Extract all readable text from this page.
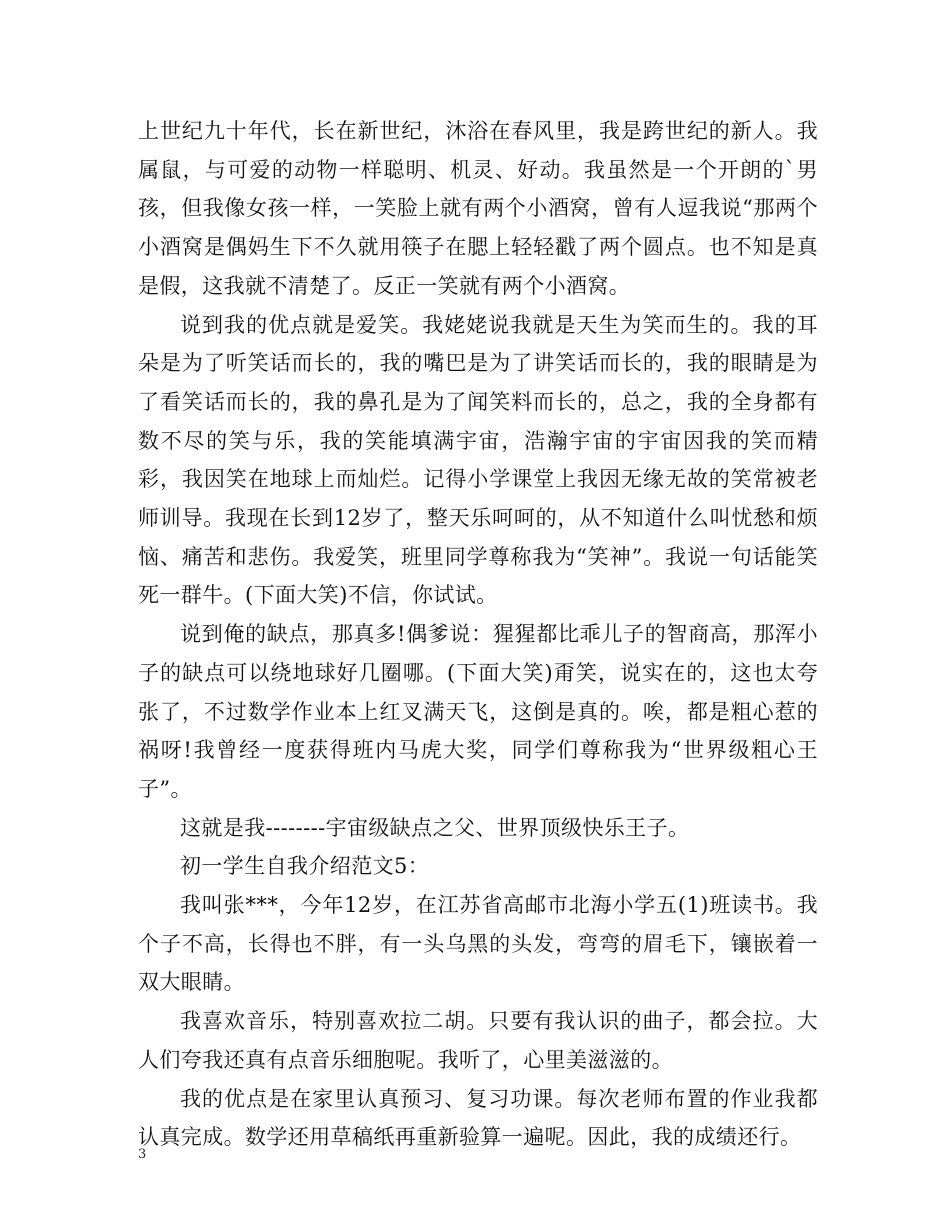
上世纪九十年代，长在新世纪，沐浴在春风里，我是跨世纪的新人。我属鼠，与可爱的动物一样聪明、机灵、好动。我虽然是一个开朗的`男孩，但我像女孩一样，一笑脸上就有两个小酒窝，曾有人逗我说“那两个小酒窝是偶妈生下不久就用筷子在腮上轻轻戳了两个圆点。也不知是真是假，这我就不清楚了。反正一笑就有两个小酒窝。

说到我的优点就是爱笑。我姥姥说我就是天生为笑而生的。我的耳朵是为了听笑话而长的，我的嘴巴是为了讲笑话而长的，我的眼睛是为了看笑话而长的，我的鼻孔是为了闻笑料而长的，总之，我的全身都有数不尽的笑与乐，我的笑能填满宇宙，浩瀚宇宙的宇宙因我的笑而精彩，我因笑在地球上而灿烂。记得小学课堂上我因无缘无故的笑常被老师训导。我现在长到12岁了，整天乐呵呵的，从不知道什么叫忧愁和烦恼、痛苦和悲伤。我爱笑，班里同学尊称我为“笑神”。我说一句话能笑死一群牛。(下面大笑)不信，你试试。

说到俺的缺点，那真多!偶爹说：猩猩都比乖儿子的智商高，那浑小子的缺点可以绕地球好几圈哪。(下面大笑)甭笑，说实在的，这也太夸张了，不过数学作业本上红叉满天飞，这倒是真的。唉，都是粗心惹的祸呀!我曾经一度获得班内马虎大奖，同学们尊称我为“世界级粗心王子”。

这就是我--------宇宙级缺点之父、世界顶级快乐王子。

初一学生自我介绍范文5：

我叫张***，今年12岁，在江苏省高邮市北海小学五(1)班读书。我个子不高，长得也不胖，有一头乌黑的头发，弯弯的眉毛下，镶嵌着一双大眼睛。

我喜欢音乐，特别喜欢拉二胡。只要有我认识的曲子，都会拉。大人们夸我还真有点音乐细胞呢。我听了，心里美滋滋的。

我的优点是在家里认真预习、复习功课。每次老师布置的作业我都认真完成。数学还用草稿纸再重新验算一遍呢。因此，我的成绩还行。

3
